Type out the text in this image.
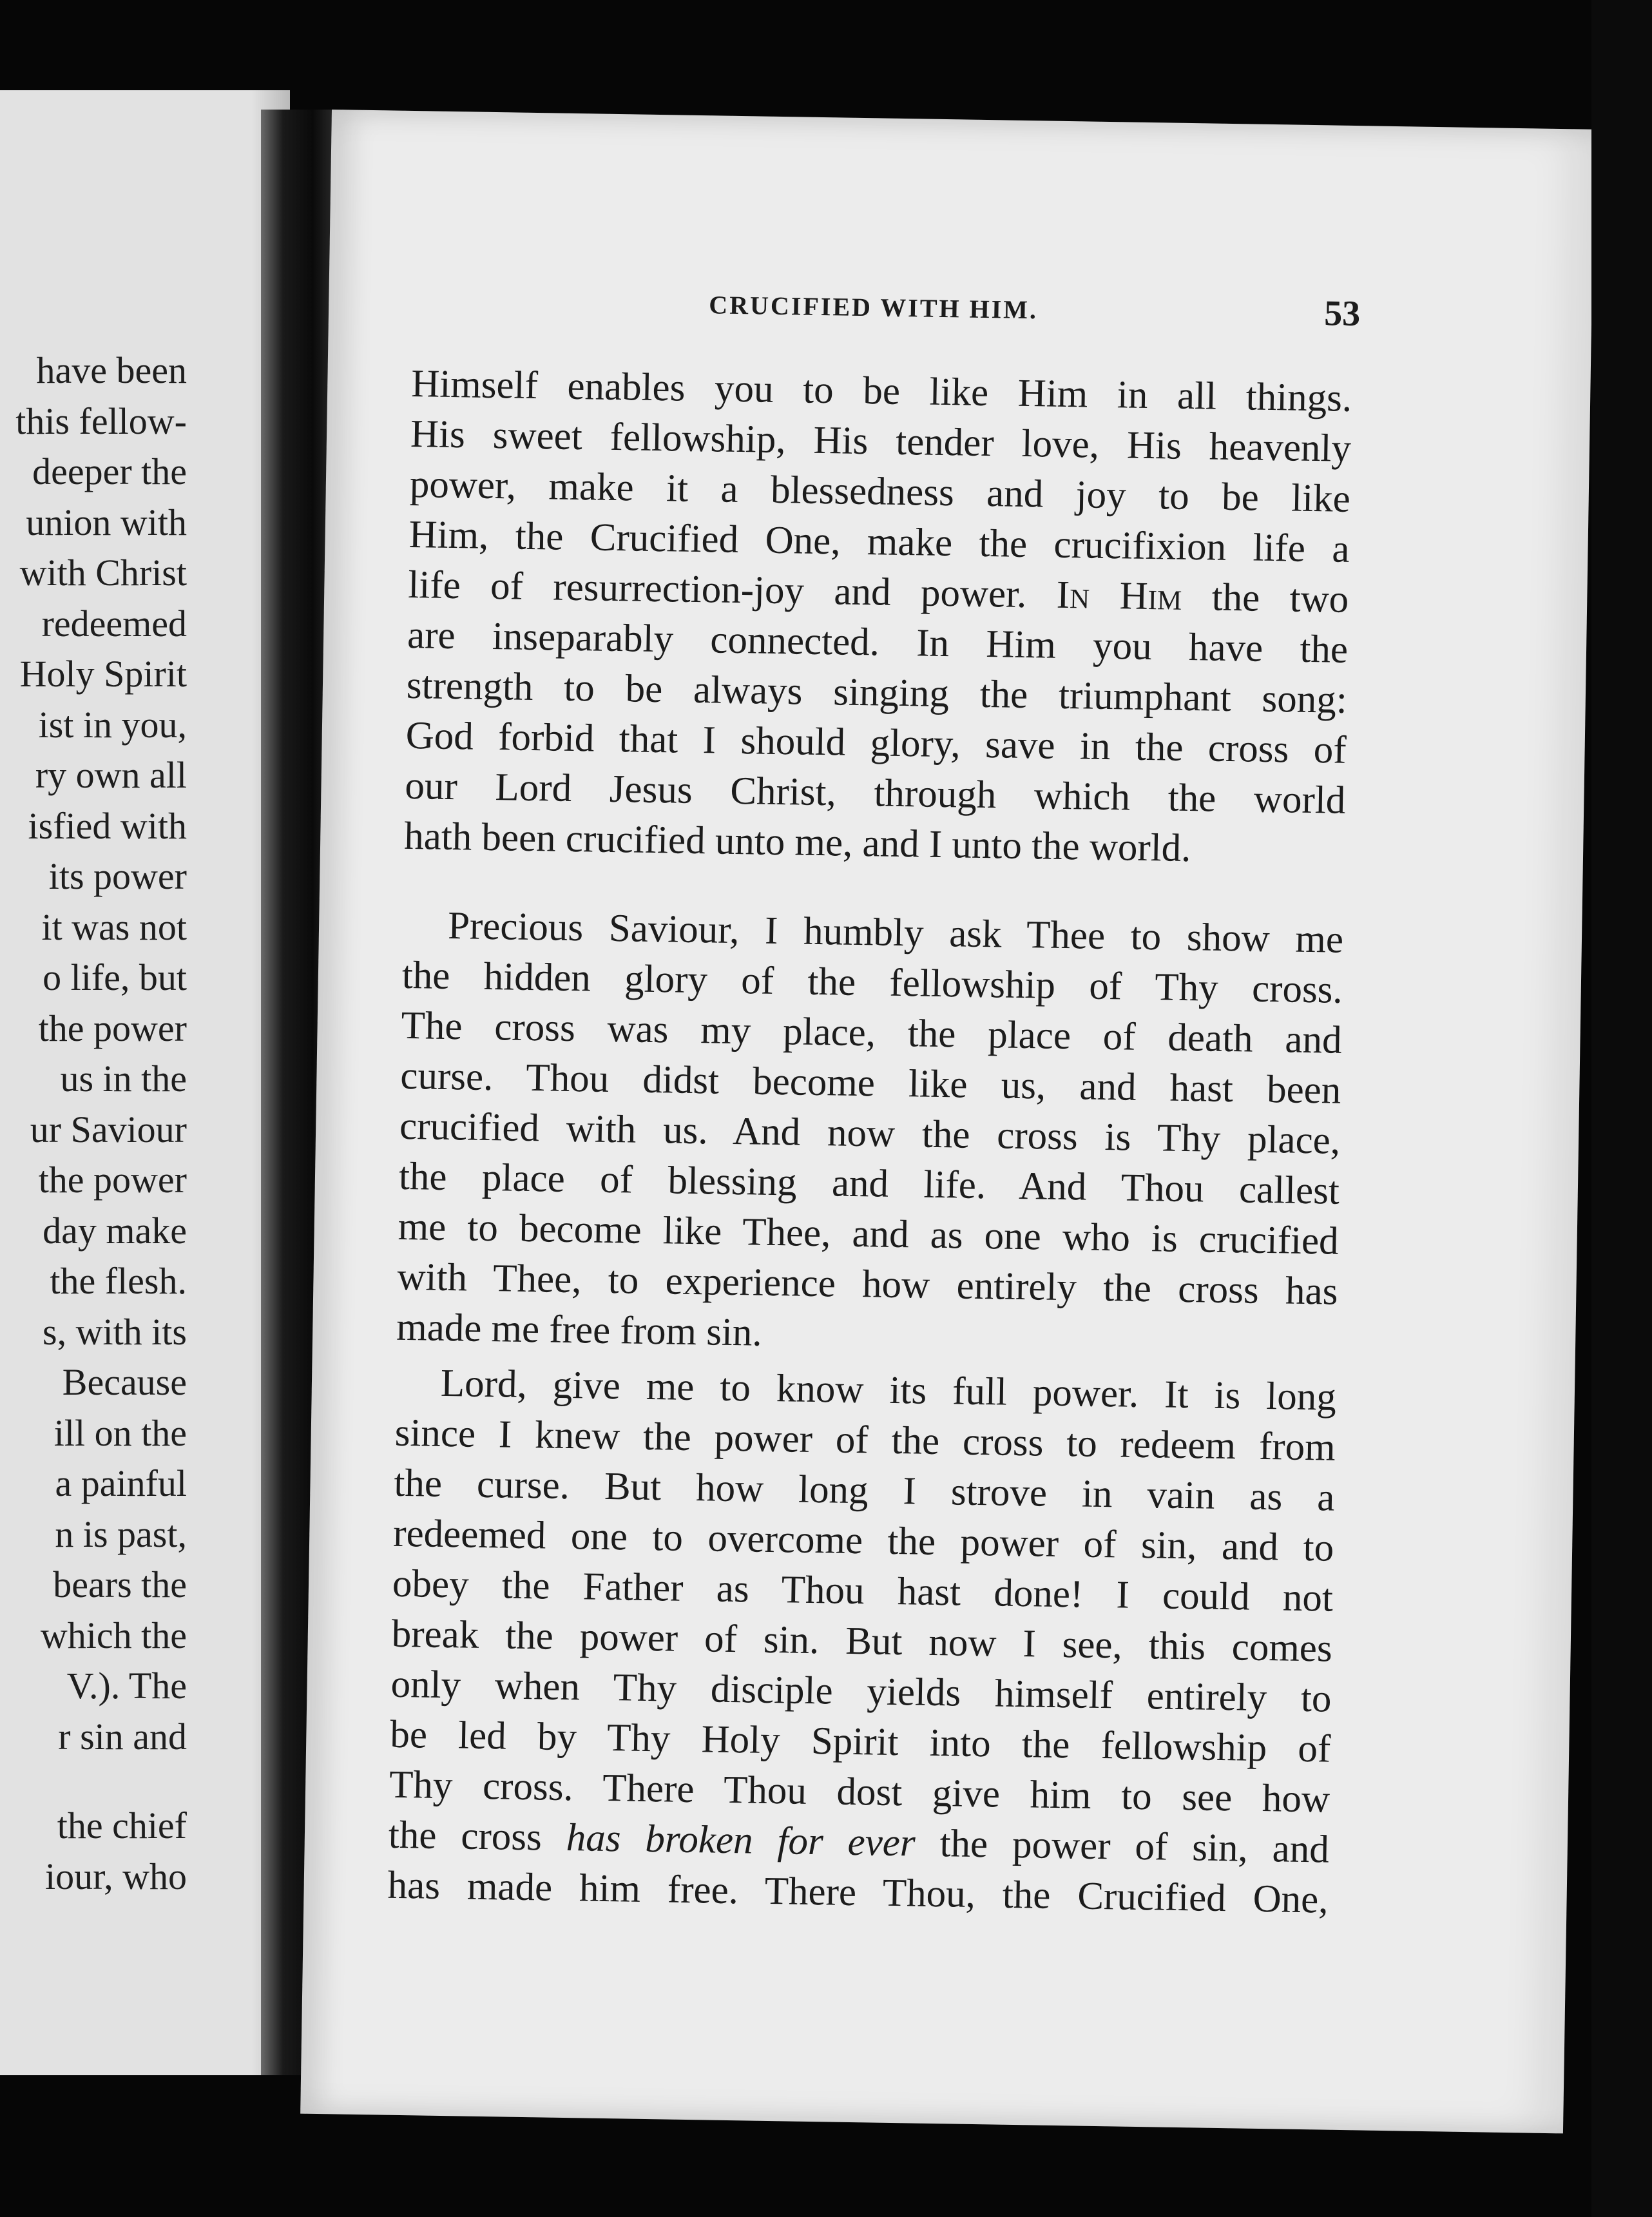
have been
this fellow-
deeper the
union with
with Christ
redeemed
Holy Spirit
ist in you,
ry own all
isfied with
its power
it was not
o life, but
the power
us in the
ur Saviour
the power
day make
the flesh.
s, with its
Because
ill on the
a painful
n is past,
bears the
which the
V.). The
r sin and
the chief
iour, who
CRUCIFIED WITH HIM.	53
Himself enables you to be like Him in all things.
His sweet fellowship, His tender love, His heavenly
power, make it a blessedness and joy to be like
Him, the Crucified One, make the crucifixion life a
life of resurrection-joy and power. In Him the two
are inseparably connected. In Him you have the
strength to be always singing the triumphant song:
God forbid that I should glory, save in the cross of
our Lord Jesus Christ, through which the world
hath been crucified unto me, and I unto the world.
Precious Saviour, I humbly ask Thee to show me
the hidden glory of the fellowship of Thy cross.
The cross was my place, the place of death and
curse. Thou didst become like us, and hast been
crucified with us. And now the cross is Thy place,
the place of blessing and life. And Thou callest
me to become like Thee, and as one who is crucified
with Thee, to experience how entirely the cross has
made me free from sin.
Lord, give me to know its full power. It is long
since I knew the power of the cross to redeem from
the curse. But how long I strove in vain as a
redeemed one to overcome the power of sin, and to
obey the Father as Thou hast done! I could not
break the power of sin. But now I see, this comes
only when Thy disciple yields himself entirely to
be led by Thy Holy Spirit into the fellowship of
Thy cross. There Thou dost give him to see how
the cross has broken for ever the power of sin, and
has made him free. There Thou, the Crucified One,
